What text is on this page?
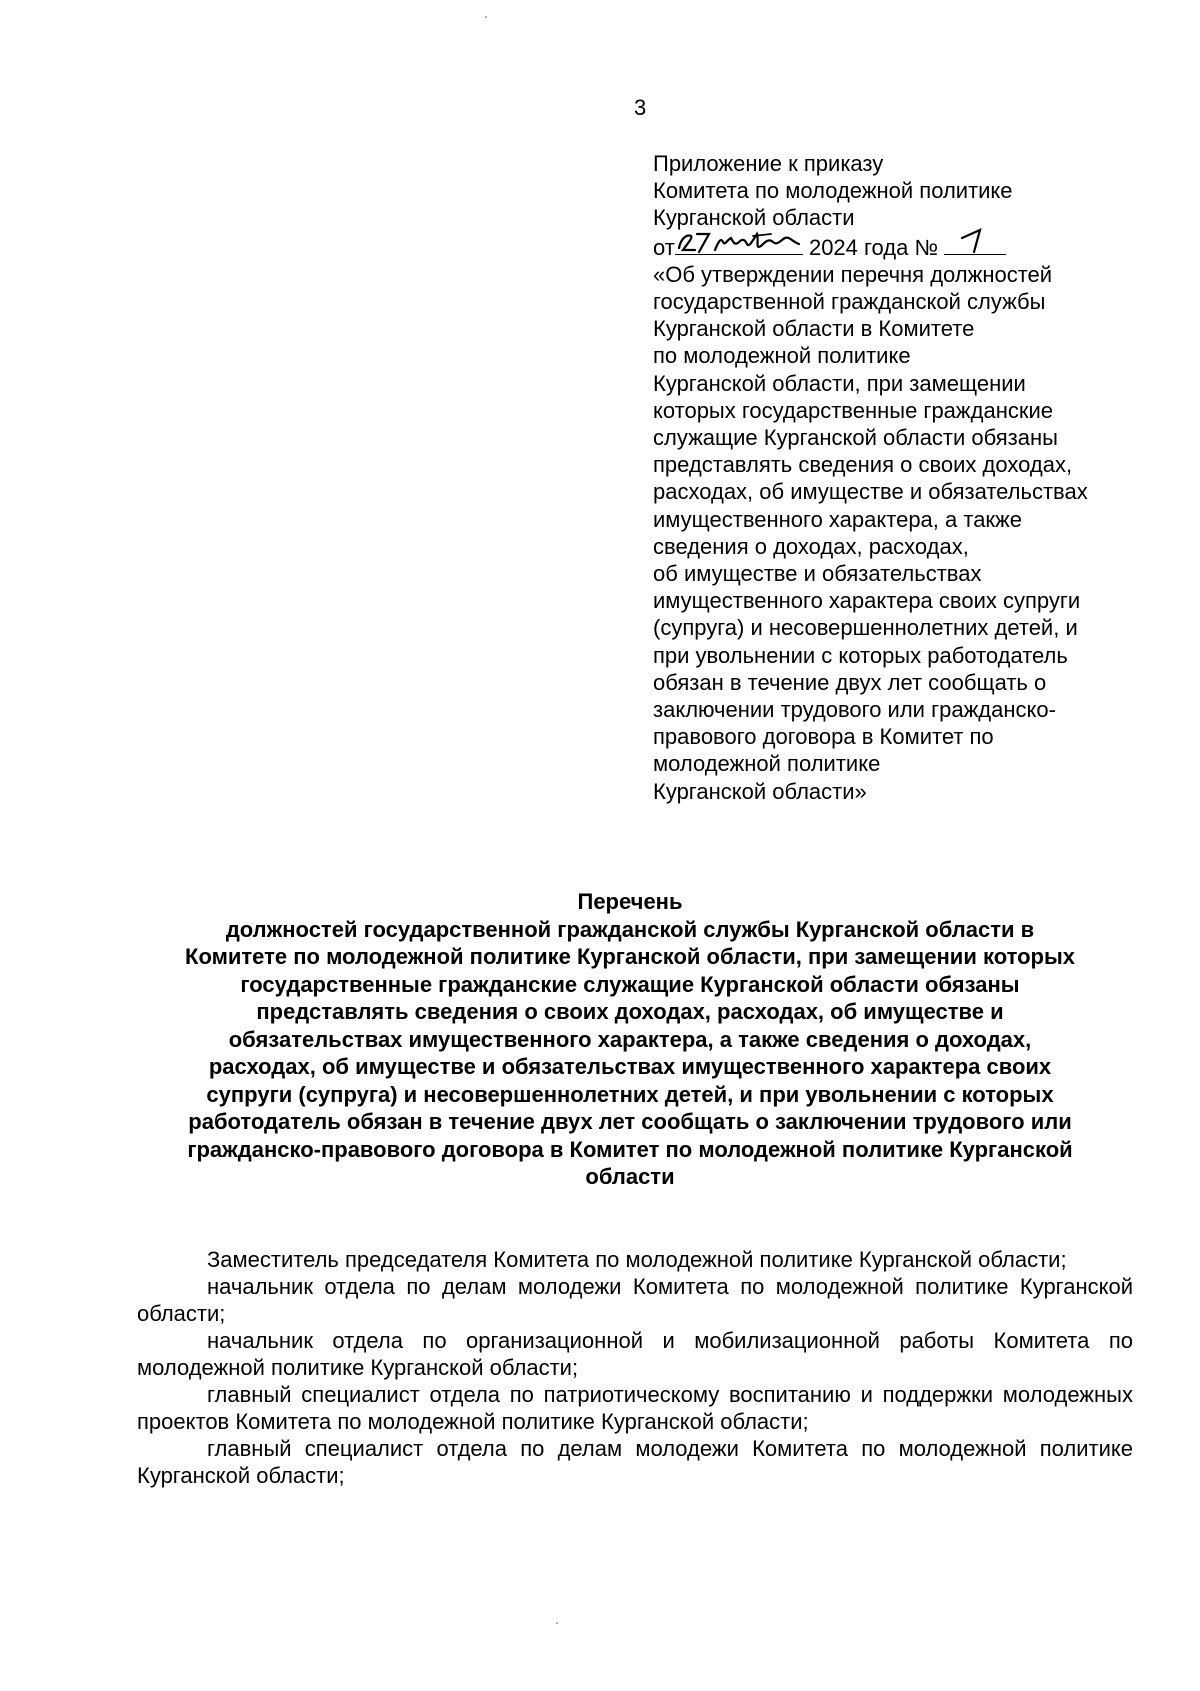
3
Приложение к приказу
Комитета по молодежной политике
Курганской области
от	2024 года №
«Об утверждении перечня должностей
государственной гражданской службы
Курганской области в Комитете
по молодежной политике
Курганской области, при замещении
которых государственные гражданские
служащие Курганской области обязаны
представлять сведения о своих доходах,
расходах, об имуществе и обязательствах
имущественного характера, а также
сведения о доходах, расходах,
об имуществе и обязательствах
имущественного характера своих супруги
(супруга) и несовершеннолетних детей, и
при увольнении с которых работодатель
обязан в течение двух лет сообщать о
заключении трудового или гражданско-
правового договора в Комитет по
молодежной политике
Курганской области»
Перечень
должностей государственной гражданской службы Курганской области в
Комитете по молодежной политике Курганской области, при замещении которых
государственные гражданские служащие Курганской области обязаны
представлять сведения о своих доходах, расходах, об имуществе и
обязательствах имущественного характера, а также сведения о доходах,
расходах, об имуществе и обязательствах имущественного характера своих
супруги (супруга) и несовершеннолетних детей, и при увольнении с которых
работодатель обязан в течение двух лет сообщать о заключении трудового или
гражданско-правового договора в Комитет по молодежной политике Курганской
области

Заместитель председателя Комитета по молодежной политике Курганской области;

начальник отдела по делам молодежи Комитета по молодежной политике Курганской области;

начальник отдела по организационной и мобилизационной работы Комитета по молодежной политике Курганской области;

главный специалист отдела по патриотическому воспитанию и поддержки молодежных проектов Комитета по молодежной политике Курганской области;

главный специалист отдела по делам молодежи Комитета по молодежной политике Курганской области;
